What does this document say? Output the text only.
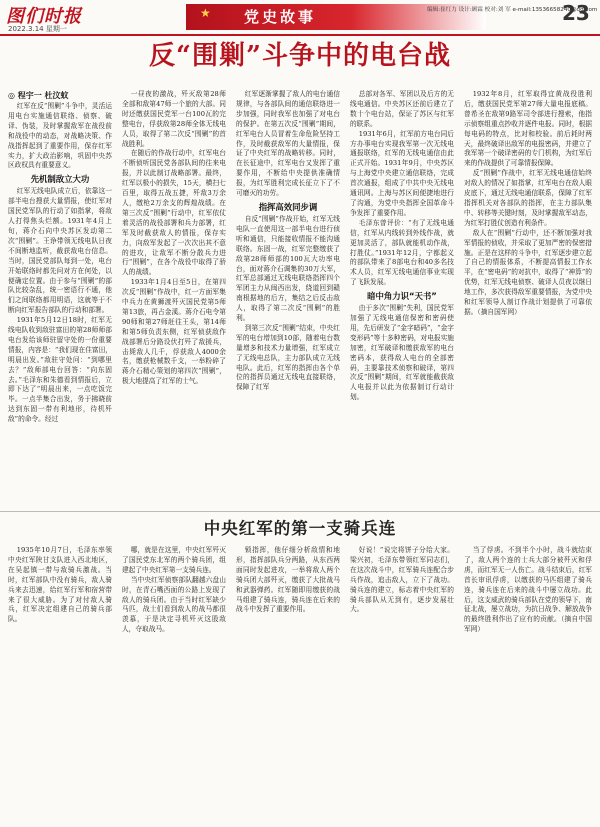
图们时报
2022.3.14 星期一
★ 党史故事	编辑:崔红力 设计:顾霖 校对:刘 军 e-mail:13536658240@qq.com
23
反“围剿”斗争中的电台战
◎ 程宇一 杜汶蚊

红军在反“围剿”斗争中，灵活运用电台实施通信联络、侦察、破译、伪装，及时掌握敌军在战役前和战役中的动态，对战略决策、作战指挥起到了重要作用，保存红军实力，扩大政治影响，巩固中央苏区政权具有重要意义。

先机制敌立大功

红军无线电队成立后，依靠这一部半电台搜获大量情报，使红军对国民党军队的行动了如指掌，将敌人打得焦头烂额。1931年4月上旬，蒋介石向中央苏区发动第二次“围剿”。王诤带领无线电队日夜不间断地监听，截获敌电台信息。当时，国民党部队每到一处，电台开始联络时都先问对方在何处，以便确定位置。由于参与“围剿”的部队比较杂乱，统一密语行不通，他们之间联络都用明语，这就等于不断向红军报告部队的行动和部署。

1931年5月12日18时，红军无线电队收到敌驻富田的第28师师部电台发给该师驻留守处的一份重要情报，内容是：“我们现在住富田，明晨出发。”敌驻守处问：“到哪里去？”敌师部电台回答：“向东固去。”毛泽东和朱德看到情报后，立即下达了“明晨出来，一点吃饭完毕。一点半集合出发，务于拂晓前达到东固一带有利地形，待机歼敌”的命令。经过

一昼夜的激战，歼灭敌第28师全部和敌第47师一个旅的大部。同时还缴获国民党军一台100瓦的完整电台，俘获敌第28师全体无线电人员，取得了第二次反“围剿”的首战胜利。

在随后的作战行动中，红军电台不断侦听国民党各部队间的往来电报，并以此制订战略部署。最终，红军以极小的损失，15天，横扫七百里，取得五战五捷，歼敌3万余人，缴枪2万余支的辉煌战绩。在第三次反“围剿”行动中，红军依仗着灵活的战役部署和兵力部署，红军及时截获敌人的情报，保存实力，向敌军发起了一次次出其不意的进攻，让敌军不断分散兵力进行“围剿”，在各个战役中取得了骄人的战绩。

1933年1月4日至5日，在第四次反“围剿”作战中，红一方面军集中兵力在黄狮渡歼灭国民党第5师第13旅，再占金溪。蒋介石电令第90师和第27师赶往王头，第14师和第5师负责东侧，红军侦获敌作战部署后分路设伏打歼了敌援兵，击毙敌人几千，俘获敌人4000余名，缴获枪械数千支，一举粉碎了蒋介石精心策划的第四次“围剿”，极大地提高了红军的士气。

红军逐渐掌握了敌人的电台通信规律，与各部队间的通信联络进一步加强，同时我军也加强了对电台的保护。在第五次反“围剿”期间，红军电台人员冒着生命危险坚持工作，及时截获敌军的大量情报，保证了中央红军的战略转移。同时，在长征途中，红军电台又发挥了重要作用，不断给中央提供准确情报，为红军胜利完成长征立下了不可磨灭的功劳。

指挥高效同步调

自反“围剿”作战开始，红军无线电队一直使用这一部半电台进行侦听和通信，只能接收情报不能沟通联络。东固一战，红军完整缴获了敌第28师师部的100瓦大功率电台，面对蒋介石调集的30万大军，红军总部通过无线电联络指挥四个军团主力从闽西出发，绕道回到赣南根据地的后方，集结之后反击敌人，取得了第二次反“围剿”的胜利。

到第三次反“围剿”结束，中央红军的电台增加到10部，随着电台数量增多和技术力量增强，红军成立了无线电总队，主力部队成立无线电队。此后，红军的指挥由各个单位的指挥员通过无线电直接联络，保障了红军

总部对各军、军团以及后方的无线电通信。中央苏区还前后建立了数十个电台站，保证了苏区与红军的联系。

1931年6月，红军前方电台同后方办事电台实现我军第一次无线电通报联络，红军的无线电通信由此正式开始。1931年9月，中央苏区与上海党中央建立通信联络，完成首次通报，组成了中共中央无线电通讯网。上海与苏区间便捷地进行了沟通，为党中央指挥全国革命斗争发挥了重要作用。

毛泽东曾评价：“有了无线电通信，红军从内线转到外线作战，就更加灵活了，部队就能机动作战，打胜仗。”1931年12月，宁都起义的部队带来了8部电台和40多名技术人员，红军无线电通信事业实现了飞跃发展。

暗中角力识“天书”

由于多次“围剿”失利，国民党军加强了无线电通信保密和密码使用，先后研发了“金字暗码”，“金字变形码”等十多种密码，对电报实施加密，红军破译和缴获敌军的电台密码本，获得敌人电台的全部密码，主要靠技术侦察和破译，第四次反“围剿”期间，红军就能截获敌人电报并以此为依据制订行动计划。

1932年8月，红军取得宜黄战役胜利后，缴获国民党军第27师大量电报底稿。曾希圣在敌第9路军司令部进行搜索，他指示侦察组重点抄收并逐件电报。同时，根据每电码的特点，比对和校验。前后耗时两天，最终破译出敌军的电报密码，并建立了我军第一个破译密码的专门机构，为红军后来的作战提供了可靠情报保障。

反“围剿”作战中，红军无线电通信始终对敌人的情况了如指掌，红军电台在敌人眼皮底下，通过无线电通信联系，保障了红军指挥机关对各部队的指挥，在主力部队集中、转移等关键时刻，及时掌握敌军动态，为红军打胜仗创造有利条件。

敌人在“围剿”行动中，还不断加强对我军情报的侦收，并采取了更加严密的保密措施。正是在这样的斗争中，红军逐步建立起了自己的情报体系，不断提高情报工作水平，在“密电码”的对抗中，取得了“神算”的优势，红军无线电侦察、破译人员夜以继日地工作，多次获得敌军重要情报，为党中央和红军领导人制订作战计划提供了可靠依据。（摘自国军网）

中央红军的第一支骑兵连

1935年10月7日，毛泽东率领中央红军陕甘支队进入西北地区，在吴起镇一带与敌骑兵激战。当时，红军部队中没有骑兵，敌人骑兵来去迅速，给红军行军和宿营带来了很大威胁。为了对付敌人骑兵，红军决定组建自己的骑兵部队。

哪，就是在这里，中央红军歼灭了国民党东北军的两个骑兵团，组建起了中央红军第一支骑兵连。

当中央红军侦察部队翻越六盘山时，在青石嘴西面的公路上发现了敌人的骑兵团。由于当时红军缺少马匹，战士们看到敌人的战马都很羡慕，于是决定寻机歼灭这股敌人，夺取战马。

锁指挥，他仔细分析敌情和地形，指挥部队兵分两路，从东西两面同时发起进攻，一举将敌人两个骑兵团大部歼灭，缴获了大批战马和武器弹药。红军随即用缴获的战马组建了骑兵连，骑兵连在后来的战斗中发挥了重要作用。

好说！”说完将饼子分给大家。梁兴初，毛泽东带领红军同志们，在这次战斗中，红军骑兵连配合步兵作战，追击敌人，立下了战功。骑兵连的建立，标志着中央红军的骑兵部队从无到有，逐步发展壮大。

当了俘虏。不到半个小时，战斗就结束了，敌人两个连的士兵大部分被歼灭和俘虏，而红军无一人伤亡。战斗结束后，红军首长审讯俘虏，以缴获的马匹组建了骑兵连，骑兵连在后来的战斗中屡立战功。此后，这支威武的骑兵部队在党的领导下，南征北战，屡立战功，为抗日战争、解放战争的最终胜利作出了应有的贡献。（摘自中国军网）
